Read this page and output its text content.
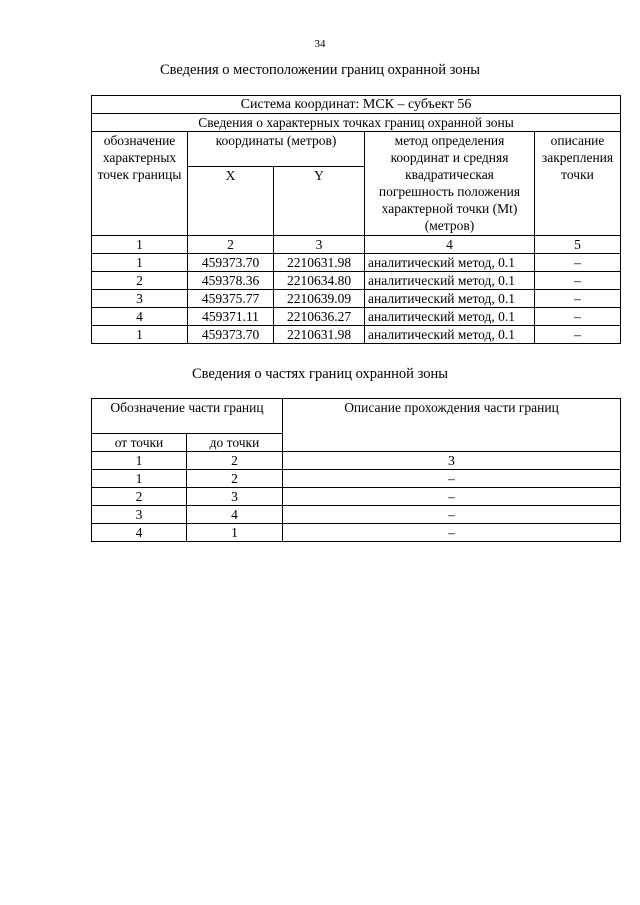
34
Сведения о местоположении границ охранной зоны
Система координат: МСК – субъект 56				
Сведения о характерных точках границ охранной зоны				
обозначение характерных точек границы	координаты (метров)		метод определения координат и средняя квадратическая погрешность положения характерной точки (Mt) (метров)	описание закрепления точки
	X	Y		
1	2	3	4	5
1	459373.70	2210631.98	аналитический метод, 0.1	–
2	459378.36	2210634.80	аналитический метод, 0.1	–
3	459375.77	2210639.09	аналитический метод, 0.1	–
4	459371.11	2210636.27	аналитический метод, 0.1	–
1	459373.70	2210631.98	аналитический метод, 0.1	–
Сведения о частях границ охранной зоны
Обозначение части границ		Описание прохождения части границ
от точки	до точки	
1	2	3
1	2	–
2	3	–
3	4	–
4	1	–
